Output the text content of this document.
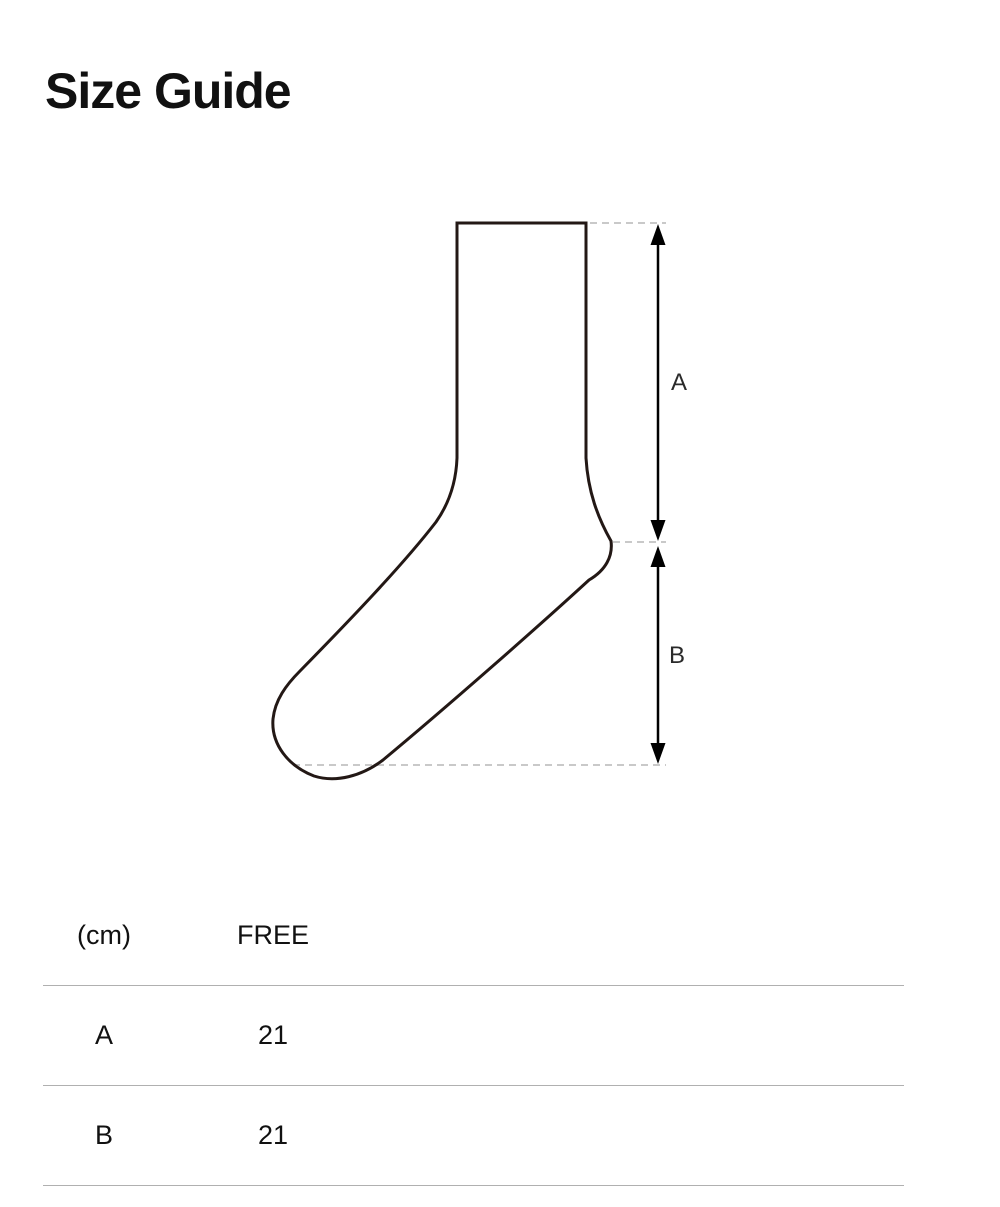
Size Guide
A
B
(cm)	FREE
A	21
B	21
